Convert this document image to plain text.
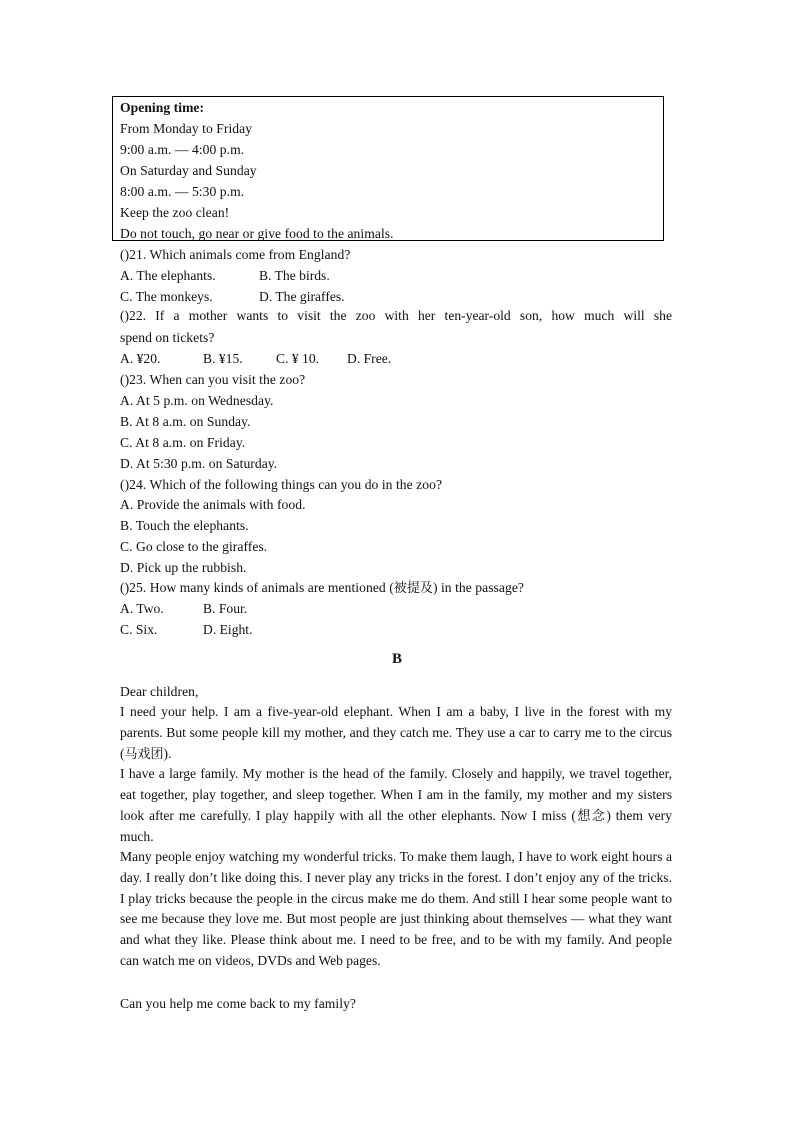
Opening time:
From Monday to Friday
9:00 a.m. — 4:00 p.m.
On Saturday and Sunday
8:00 a.m. — 5:30 p.m.
Keep the zoo clean!
Do not touch, go near or give food to the animals.
()21. Which animals come from England?
A. The elephants.	B. The birds.
C. The monkeys.	D. The giraffes.
()22. If a mother wants to visit the zoo with her ten-year-old son, how much will she
spend on tickets?
A. ¥20.	B. ¥15. C. ¥ 10. D. Free.
()23. When can you visit the zoo?
A. At 5 p.m. on Wednesday.
B. At 8 a.m. on Sunday.
C. At 8 a.m. on Friday.
D. At 5:30 p.m. on Saturday.
()24. Which of the following things can you do in the zoo?
A. Provide the animals with food.
B. Touch the elephants.
C. Go close to the giraffes.
D. Pick up the rubbish.
()25. How many kinds of animals are mentioned (被提及) in the passage?
A. Two.	B. Four.
C. Six.	D. Eight.
B
Dear children,
I need your help. I am a five-year-old elephant. When I am a baby, I live in the forest with my parents. But some people kill my mother, and they catch me. They use a car to carry me to the circus (马戏团).
I have a large family. My mother is the head of the family. Closely and happily, we travel together, eat together, play together, and sleep together. When I am in the family, my mother and my sisters look after me carefully. I play happily with all the other elephants. Now I miss (想念) them very much.
Many people enjoy watching my wonderful tricks. To make them laugh, I have to work eight hours a day. I really don’t like doing this. I never play any tricks in the forest. I don’t enjoy any of the tricks. I play tricks because the people in the circus make me do them. And still I hear some people want to see me because they love me. But most people are just thinking about themselves — what they want and what they like. Please think about me. I need to be free, and to be with my family. And people can watch me on videos, DVDs and Web pages.
Can you help me come back to my family?
